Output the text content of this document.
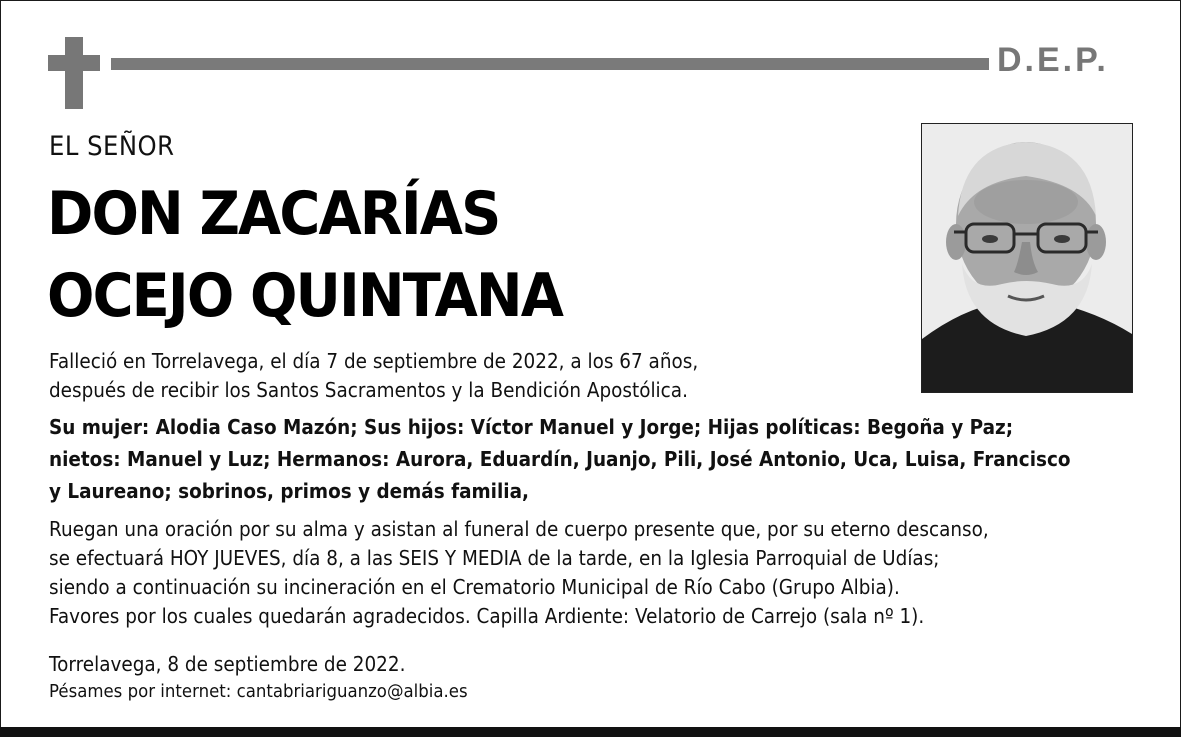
D.E.P.
EL SEÑOR
DON ZACARÍAS
OCEJO QUINTANA
Falleció en Torrelavega, el día 7 de septiembre de 2022, a los 67 años,
después de recibir los Santos Sacramentos y la Bendición Apostólica.
Su mujer: Alodia Caso Mazón; Sus hijos: Víctor Manuel y Jorge; Hijas políticas: Begoña y Paz;
nietos: Manuel y Luz; Hermanos: Aurora, Eduardín, Juanjo, Pili, José Antonio, Uca, Luisa, Francisco
y Laureano; sobrinos, primos y demás familia,
Ruegan una oración por su alma y asistan al funeral de cuerpo presente que, por su eterno descanso,
se efectuará HOY JUEVES, día 8, a las SEIS Y MEDIA de la tarde, en la Iglesia Parroquial de Udías;
siendo a continuación su incineración en el Crematorio Municipal de Río Cabo (Grupo Albia).
Favores por los cuales quedarán agradecidos. Capilla Ardiente: Velatorio de Carrejo (sala nº 1).
Torrelavega, 8 de septiembre de 2022.
Pésames por internet: cantabriariguanzo@albia.es
